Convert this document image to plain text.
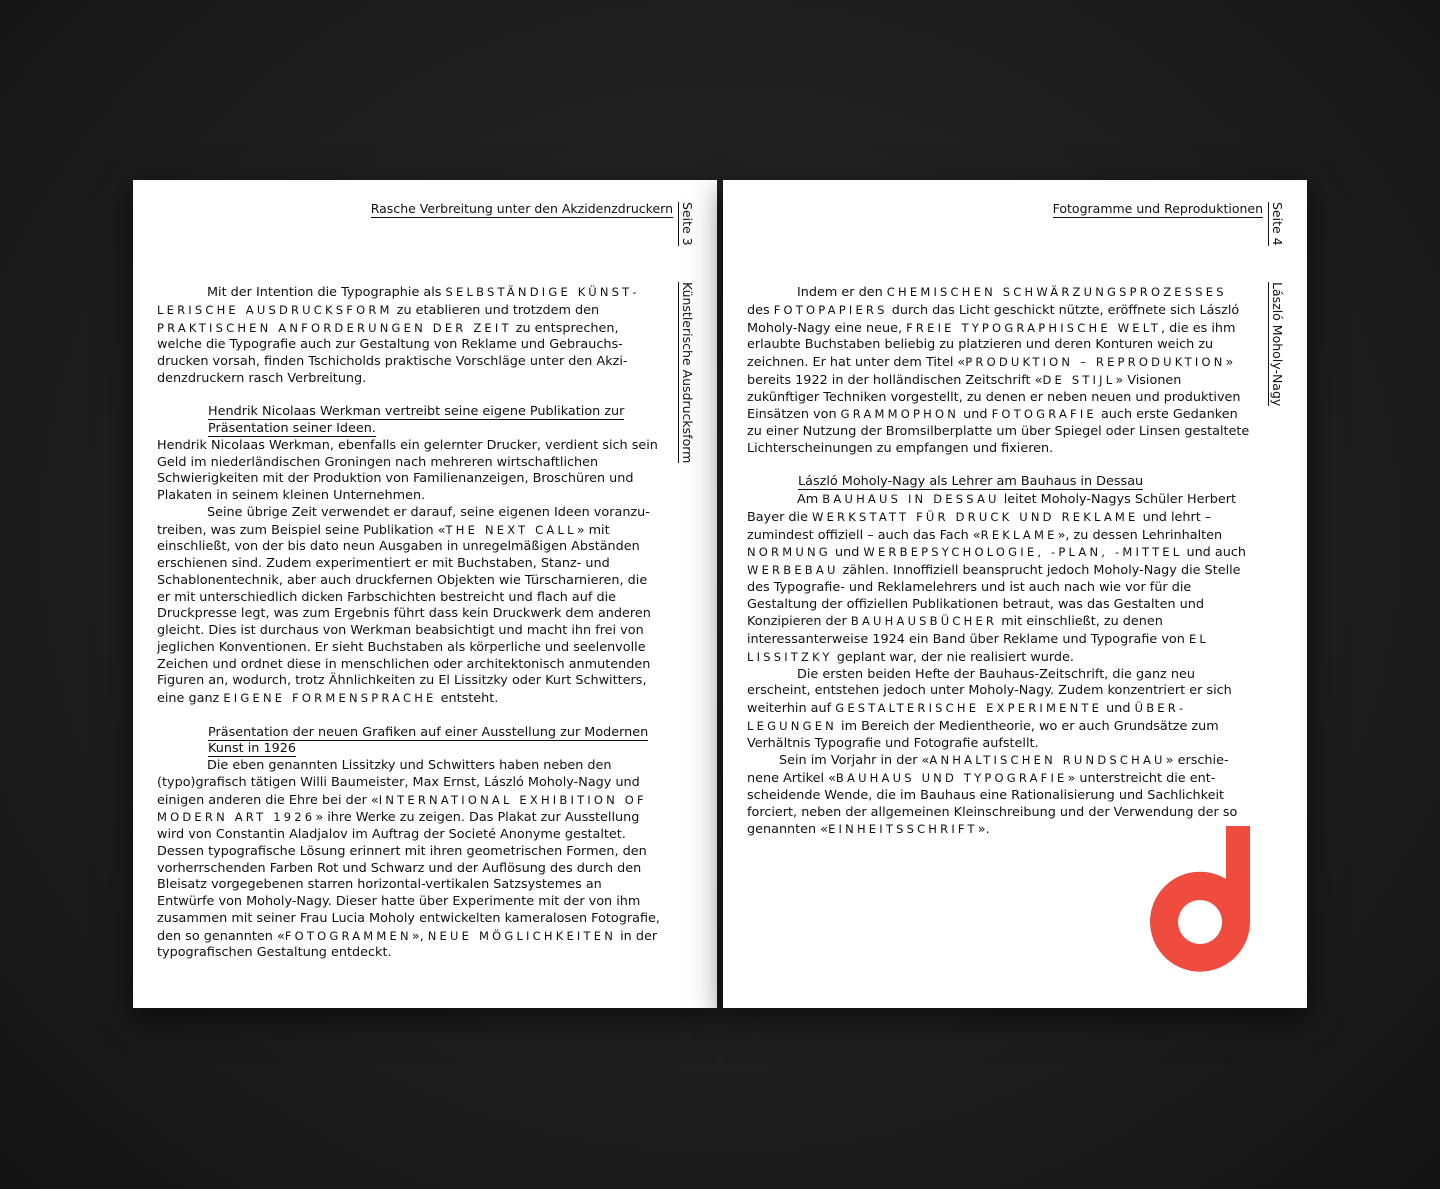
Rasche Verbreitung unter den Akzidenzdruckern Seite 3
Künstlerische Ausdrucksform

Mit der Intention die Typographie als SELBSTÄNDIGE KÜNSTLERISCHE AUSDRUCKSFORM zu etablieren und trotzdem den PRAKTISCHEN ANFORDERUNGEN DER ZEIT zu entsprechen, welche die Typografie auch zur Gestaltung von Reklame und Gebrauchsdrucken vorsah, finden Tschicholds praktische Vorschläge unter den Akzidenzdruckern rasch Verbreitung.

Hendrik Nicolaas Werkman vertreibt seine eigene Publikation zur Präsentation seiner Ideen.

Hendrik Nicolaas Werkman, ebenfalls ein gelernter Drucker, verdient sich sein Geld im niederländischen Groningen nach mehreren wirtschaftlichen Schwierigkeiten mit der Produktion von Familienanzeigen, Broschüren und Plakaten in seinem kleinen Unternehmen.

Seine übrige Zeit verwendet er darauf, seine eigenen Ideen voranzutreiben, was zum Beispiel seine Publikation «THE NEXT CALL» mit einschließt, von der bis dato neun Ausgaben in unregelmäßigen Abständen erschienen sind. Zudem experimentiert er mit Buchstaben, Stanz- und Schablonentechnik, aber auch druckfernen Objekten wie Türscharnieren, die er mit unterschiedlich dicken Farbschichten bestreicht und flach auf die Druckpresse legt, was zum Ergebnis führt dass kein Druckwerk dem anderen gleicht. Dies ist durchaus von Werkman beabsichtigt und macht ihn frei von jeglichen Konventionen. Er sieht Buchstaben als körperliche und seelenvolle Zeichen und ordnet diese in menschlichen oder architektonisch anmutenden Figuren an, wodurch, trotz Ähnlichkeiten zu El Lissitzky oder Kurt Schwitters, eine ganz EIGENE FORMENSPRACHE entsteht.

Präsentation der neuen Grafiken auf einer Ausstellung zur Modernen Kunst in 1926

Die eben genannten Lissitzky und Schwitters haben neben den (typo)grafisch tätigen Willi Baumeister, Max Ernst, László Moholy-Nagy und einigen anderen die Ehre bei der «INTERNATIONAL EXHIBITION OF MODERN ART 1926» ihre Werke zu zeigen. Das Plakat zur Ausstellung wird von Constantin Aladjalov im Auftrag der Societé Anonyme gestaltet. Dessen typografische Lösung erinnert mit ihren geometrischen Formen, den vorherrschenden Farben Rot und Schwarz und der Auflösung des durch den Bleisatz vorgegebenen starren horizontal-vertikalen Satzsystemes an Entwürfe von Moholy-Nagy. Dieser hatte über Experimente mit der von ihm zusammen mit seiner Frau Lucia Moholy entwickelten kameralosen Fotografie, den so genannten «FOTOGRAMMEN», NEUE MÖGLICHKEITEN in der typografischen Gestaltung entdeckt.

Fotogramme und Reproduktionen Seite 4
László Moholy-Nagy

Indem er den CHEMISCHEN SCHWÄRZUNGSPROZESSES des FOTOPAPIERS durch das Licht geschickt nützte, eröffnete sich László Moholy-Nagy eine neue, FREIE TYPOGRAPHISCHE WELT, die es ihm erlaubte Buchstaben beliebig zu platzieren und deren Konturen weich zu zeichnen. Er hat unter dem Titel «PRODUKTION – REPRODUKTION» bereits 1922 in der holländischen Zeitschrift «DE STIJL» Visionen zukünftiger Techniken vorgestellt, zu denen er neben neuen und produktiven Einsätzen von GRAMMOPHON und FOTOGRAFIE auch erste Gedanken zu einer Nutzung der Bromsilberplatte um über Spiegel oder Linsen gestaltete Lichterscheinungen zu empfangen und fixieren.

László Moholy-Nagy als Lehrer am Bauhaus in Dessau

Am BAUHAUS IN DESSAU leitet Moholy-Nagys Schüler Herbert Bayer die WERKSTATT FÜR DRUCK UND REKLAME und lehrt – zumindest offiziell – auch das Fach «REKLAME», zu dessen Lehrinhalten NORMUNG und WERBEPSYCHOLOGIE, -PLAN, -MITTEL und auch WERBEBAU zählen. Innoffiziell beansprucht jedoch Moholy-Nagy die Stelle des Typografie- und Reklamelehrers und ist auch nach wie vor für die Gestaltung der offiziellen Publikationen betraut, was das Gestalten und Konzipieren der BAUHAUSBÜCHER mit einschließt, zu denen interessanterweise 1924 ein Band über Reklame und Typografie von EL LISSITZKY geplant war, der nie realisiert wurde.

Die ersten beiden Hefte der Bauhaus-Zeitschrift, die ganz neu erscheint, entstehen jedoch unter Moholy-Nagy. Zudem konzentriert er sich weiterhin auf GESTALTERISCHE EXPERIMENTE und ÜBERLEGUNGEN im Bereich der Medientheorie, wo er auch Grundsätze zum Verhältnis Typografie und Fotografie aufstellt.

Sein im Vorjahr in der «ANHALTISCHEN RUNDSCHAU» erschienene Artikel «BAUHAUS UND TYPOGRAFIE» unterstreicht die entscheidende Wende, die im Bauhaus eine Rationalisierung und Sachlichkeit forciert, neben der allgemeinen Kleinschreibung und der Verwendung der so genannten «EINHEITSSCHRIFT».
